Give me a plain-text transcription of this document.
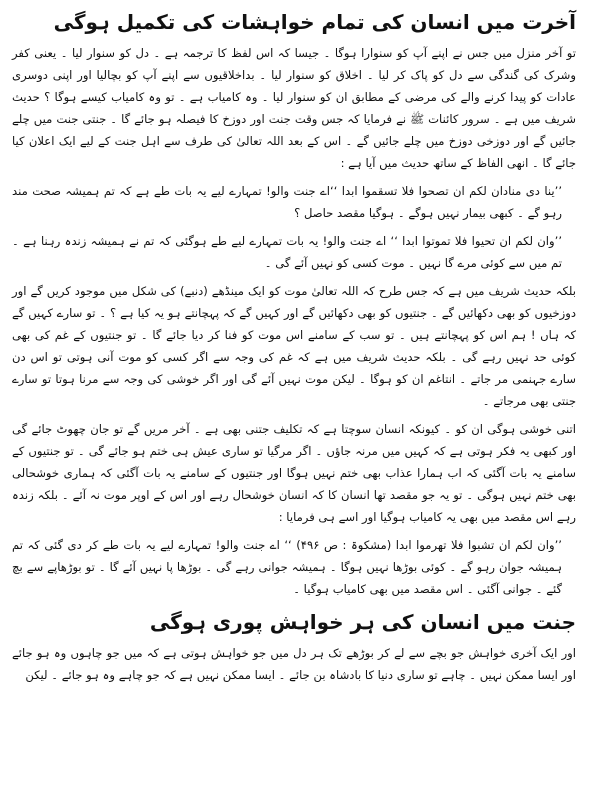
آخرت میں انسان کی تمام خواہشات کی تکمیل ہوگی

تو آخر منزل میں جس نے اپنے آپ کو سنوارا ہوگا ۔ جیسا کہ اس لفظ کا ترجمہ ہے ۔ دل کو سنوار لیا ۔ یعنی کفر وشرک کی گندگی سے دل کو پاک کر لیا ۔ اخلاق کو سنوار لیا ۔ بداخلاقیوں سے اپنے آپ کو بچالیا اور اپنی دوسری عادات کو پیدا کرنے والے کی مرضی کے مطابق ان کو سنوار لیا ۔ وہ کامیاب ہے ۔ تو وہ کامیاب کیسے ہوگا ؟ حدیث شریف میں ہے ۔ سرور کائنات ﷺ نے فرمایا کہ جس وقت جنت اور دوزخ کا فیصلہ ہو جائے گا ۔ جنتی جنت میں چلے جائیں گے اور دوزخی دوزخ میں چلے جائیں گے ۔ اس کے بعد اللہ تعالیٰ کی طرف سے اہل جنت کے لیے ایک اعلان کیا جائے گا ۔ انھی الفاظ کے ساتھ حدیث میں آیا ہے :

’’ینا دی منادان لکم ان تصحوا فلا تسقموا ابدا ‘‘اے جنت والو! تمہارے لیے یہ بات طے ہے کہ تم ہمیشہ صحت مند رہو گے ۔ کبھی بیمار نہیں ہوگے ۔ ہوگیا مقصد حاصل ؟

’’وان لکم ان تحیوا فلا تموتوا ابدا ‘‘ اے جنت والو! یہ بات تمہارے لیے طے ہوگئی کہ تم نے ہمیشہ زندہ رہنا ہے ۔ تم میں سے کوئی مرے گا نہیں ۔ موت کسی کو نہیں آئے گی ۔

بلکہ حدیث شریف میں ہے کہ جس طرح کہ اللہ تعالیٰ موت کو ایک مینڈھے (دنبے) کی شکل میں موجود کریں گے اور دوزخیوں کو بھی دکھائیں گے ۔ جنتیوں کو بھی دکھائیں گے اور کہیں گے کہ پہچانتے ہو یہ کیا ہے ؟ ۔ تو سارے کہیں گے کہ ہاں ! ہم اس کو پہچانتے ہیں ۔ تو سب کے سامنے اس موت کو فنا کر دیا جائے گا ۔ تو جنتیوں کے غم کی بھی کوئی حد نہیں رہے گی ۔ بلکہ حدیث شریف میں ہے کہ غم کی وجہ سے اگر کسی کو موت آنی ہوتی تو اس دن سارے جہنمی مر جاتے ۔ انتاغم ان کو ہوگا ۔ لیکن موت نہیں آئے گی اور اگر خوشی کی وجہ سے مرنا ہوتا تو سارے جنتی بھی مرجاتے ۔

اتنی خوشی ہوگی ان کو ۔ کیونکہ انسان سوچتا ہے کہ تکلیف جتنی بھی ہے ۔ آخر مریں گے تو جان چھوٹ جائے گی اور کبھی یہ فکر ہوتی ہے کہ کہیں میں مرنہ جاؤں ۔ اگر مرگیا تو ساری عیش ہی ختم ہو جائے گی ۔ تو جنتیوں کے سامنے یہ بات آگئی کہ اب ہمارا عذاب بھی ختم نہیں ہوگا اور جنتیوں کے سامنے یہ بات آگئی کہ ہماری خوشحالی بھی ختم نہیں ہوگی ۔ تو یہ جو مقصد تھا انسان کا کہ انسان خوشحال رہے اور اس کے اوپر موت نہ آئے ۔ بلکہ زندہ رہے اس مقصد میں بھی یہ کامیاب ہوگیا اور اسے ہی فرمایا :

’’وان لکم ان تشبوا فلا تھرموا ابدا (مشکوۃ : ص ۴۹۶) ‘‘ اے جنت والو! تمہارے لیے یہ بات طے کر دی گئی کہ تم ہمیشہ جوان رہو گے ۔ کوئی بوڑھا نہیں ہوگا ۔ ہمیشہ جوانی رہے گی ۔ بوڑھا پا نہیں آئے گا ۔ تو بوڑھاپے سے بچ گئے ۔ جوانی آگئی ۔ اس مقصد میں بھی کامیاب ہوگیا ۔

جنت میں انسان کی ہر خواہش پوری ہوگی

اور ایک آخری خواہش جو بچے سے لے کر بوڑھے تک ہر دل میں جو خواہش ہوتی ہے کہ میں جو چاہوں وہ ہو جائے اور ایسا ممکن نہیں ۔ چاہے تو ساری دنیا کا بادشاہ بن جائے ۔ ایسا ممکن نہیں ہے کہ جو چاہے وہ ہو جائے ۔ لیکن
